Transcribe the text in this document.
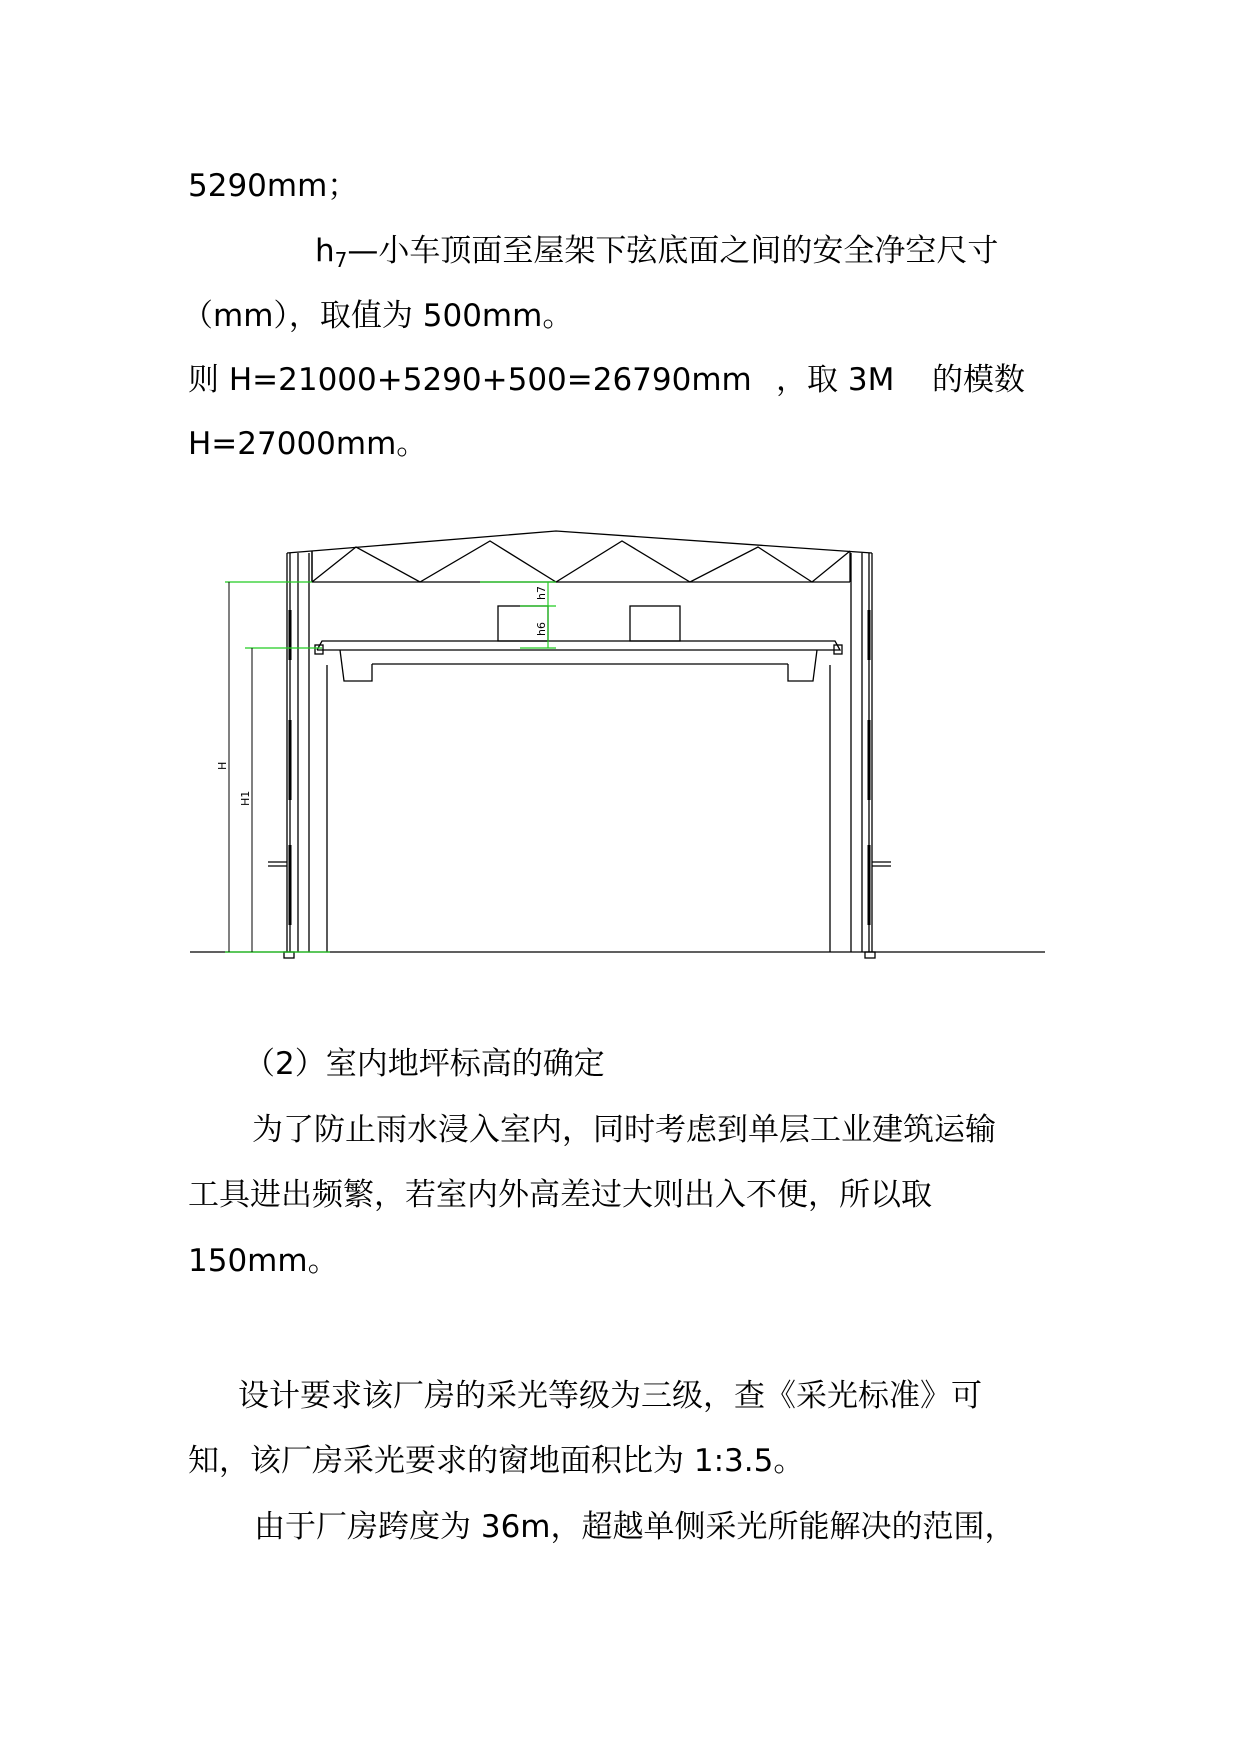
5290mm；
$h_7—$小车顶面至屋架下弦底面之间的安全净空尺寸
（mm），取值为 500mm。
则 H=21000+5290+500=26790mm ，取 3M 的模数
H=27000mm。
H
H1
h7
h6
（2）室内地坪标高的确定
为了防止雨水浸入室内，同时考虑到单层工业建筑运输
工具进出频繁，若室内外高差过大则出入不便，所以取
150mm。
设计要求该厂房的采光等级为三级，查《采光标准》可
知，该厂房采光要求的窗地面积比为 1:3.5。
由于厂房跨度为 36m，超越单侧采光所能解决的范围，
